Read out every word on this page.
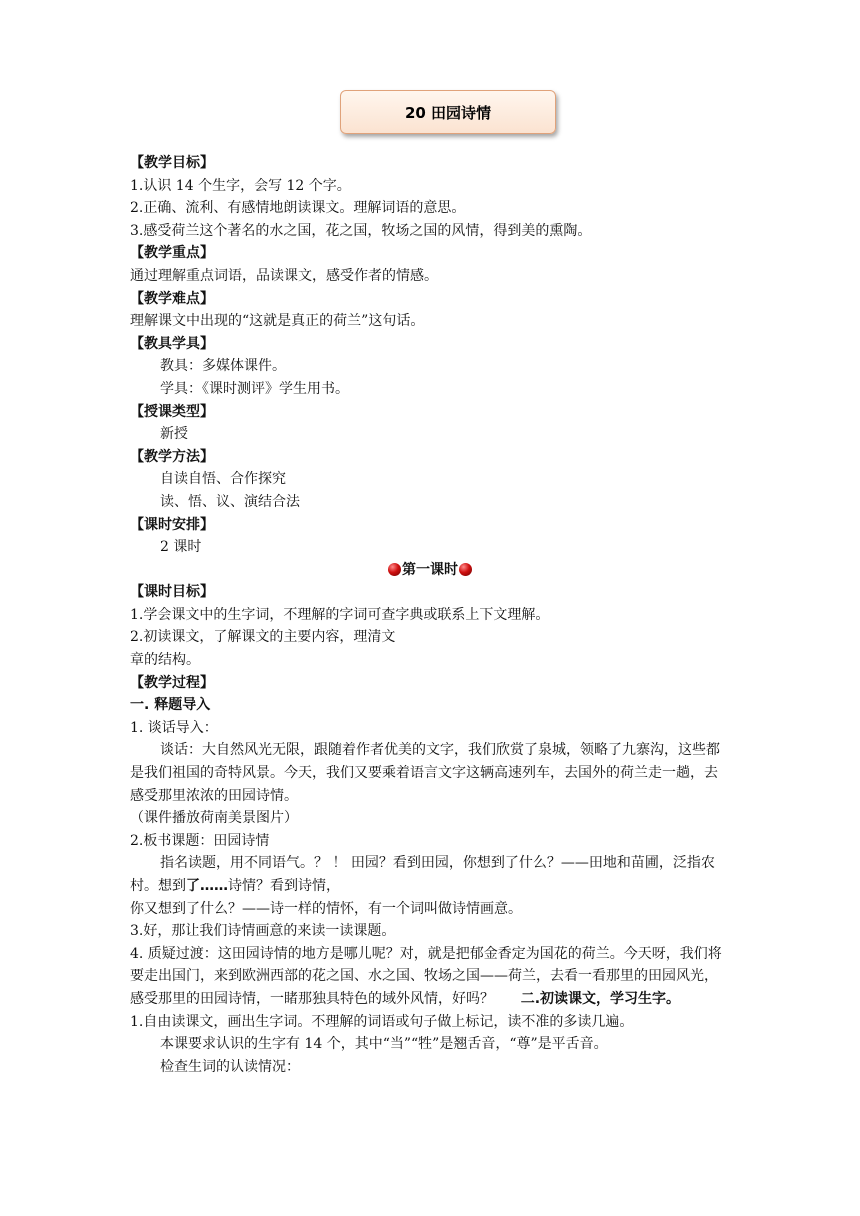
20 田园诗情
【教学目标】
1.认识 14 个生字，会写 12 个字。
2.正确、流利、有感情地朗读课文。理解词语的意思。
3.感受荷兰这个著名的水之国，花之国，牧场之国的风情，得到美的熏陶。
【教学重点】
通过理解重点词语，品读课文，感受作者的情感。
【教学难点】
理解课文中出现的“这就是真正的荷兰”这句话。
【教具学具】
教具：多媒体课件。
学具：《课时测评》学生用书。
【授课类型】
新授
【教学方法】
自读自悟、合作探究
读、悟、议、演结合法
【课时安排】
2 课时
第一课时
【课时目标】
1.学会课文中的生字词，不理解的字词可查字典或联系上下文理解。
2.初读课文，了解课文的主要内容，理清文
章的结构。
【教学过程】
一. 释题导入
1. 谈话导入：
谈话：大自然风光无限，跟随着作者优美的文字，我们欣赏了泉城，领略了九寨沟，这些都是我们祖国的奇特风景。今天，我们又要乘着语言文字这辆高速列车，去国外的荷兰走一趟，去感受那里浓浓的田园诗情。
（课件播放荷南美景图片）
2.板书课题：田园诗情
指名读题，用不同语气。？ ！ 田园？看到田园，你想到了什么？——田地和苗圃，泛指农村。想到了……诗情？看到诗情，
你又想到了什么？——诗一样的情怀，有一个词叫做诗情画意。
3.好，那让我们诗情画意的来读一读课题。
4. 质疑过渡：这田园诗情的地方是哪儿呢？对，就是把郁金香定为国花的荷兰。今天呀，我们将要走出国门，来到欧洲西部的花之国、水之国、牧场之国——荷兰，去看一看那里的田园风光，感受那里的田园诗情，一睹那独具特色的域外风情，好吗？ 二.初读课文，学习生字。
1.自由读课文，画出生字词。不理解的词语或句子做上标记，读不准的多读几遍。
本课要求认识的生字有 14 个，其中“当”“牲”是翘舌音，“尊”是平舌音。
检查生词的认读情况：
